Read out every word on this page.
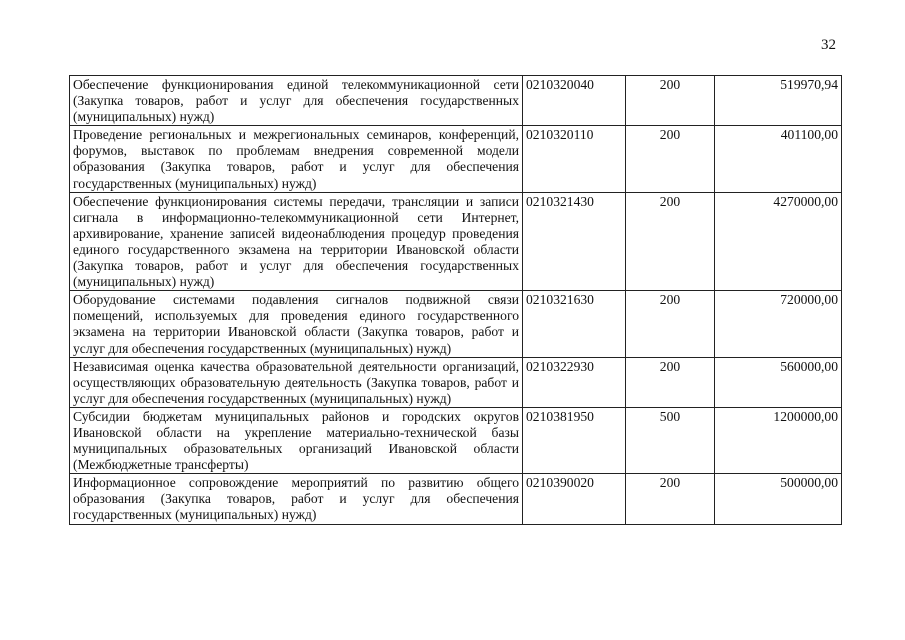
32
Обеспечение функционирования единой телекоммуникационной сети (Закупка товаров, работ и услуг для обеспечения государственных (муниципальных) нужд)	0210320040	200	519970,94
Проведение региональных и межрегиональных семинаров, конференций, форумов, выставок по проблемам внедрения современной модели образования (Закупка товаров, работ и услуг для обеспечения государственных (муниципальных) нужд)	0210320110	200	401100,00
Обеспечение функционирования системы передачи, трансляции и записи сигнала в информационно-телекоммуникационной сети Интернет, архивирование, хранение записей видеонаблюдения процедур проведения единого государственного экзамена на территории Ивановской области (Закупка товаров, работ и услуг для обеспечения государственных (муниципальных) нужд)	0210321430	200	4270000,00
Оборудование системами подавления сигналов подвижной связи помещений, используемых для проведения единого государственного экзамена на территории Ивановской области (Закупка товаров, работ и услуг для обеспечения государственных (муниципальных) нужд)	0210321630	200	720000,00
Независимая оценка качества образовательной деятельности организаций, осуществляющих образовательную деятельность (Закупка товаров, работ и услуг для обеспечения государственных (муниципальных) нужд)	0210322930	200	560000,00
Субсидии бюджетам муниципальных районов и городских округов Ивановской области на укрепление материально-технической базы муниципальных образовательных организаций Ивановской области (Межбюджетные трансферты)	0210381950	500	1200000,00
Информационное сопровождение мероприятий по развитию общего образования (Закупка товаров, работ и услуг для обеспечения государственных (муниципальных) нужд)	0210390020	200	500000,00
